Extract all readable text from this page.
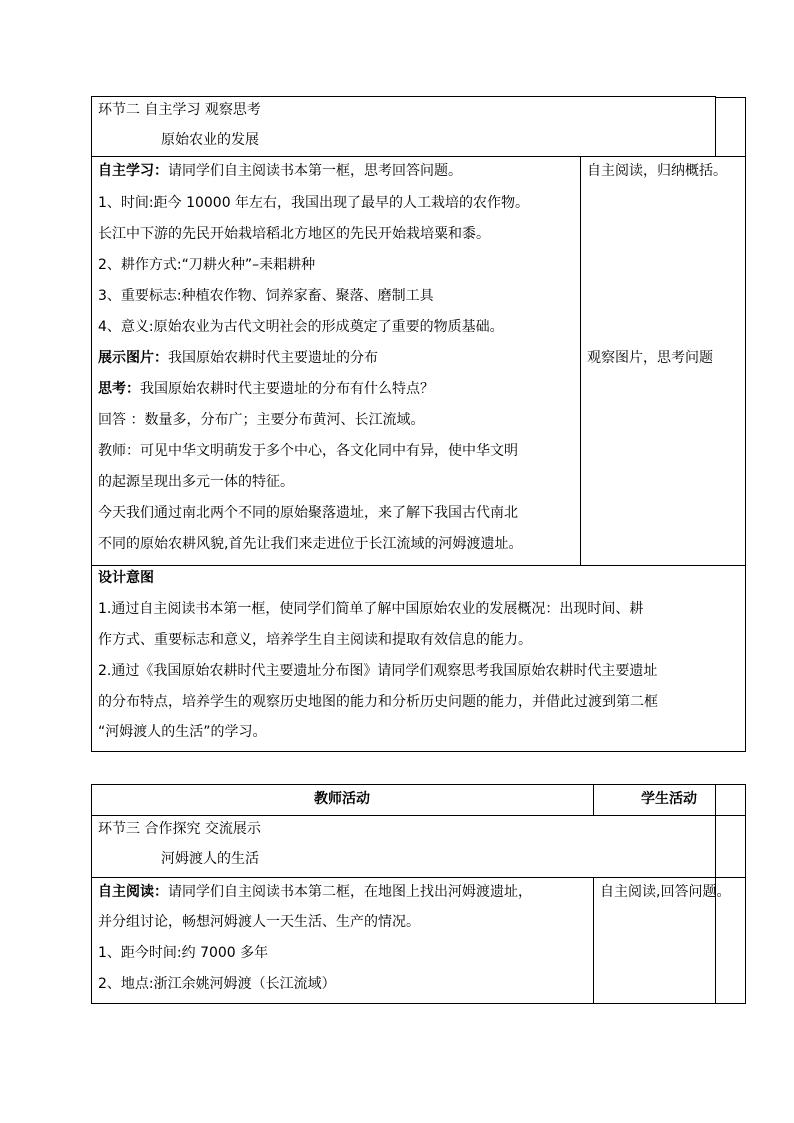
环节二 自主学习 观察思考
原始农业的发展
自主学习：请同学们自主阅读书本第一框，思考回答问题。
1、时间:距今 10000 年左右，我国出现了最早的人工栽培的农作物。
长江中下游的先民开始栽培稻北方地区的先民开始栽培粟和黍。
2、耕作方式:“刀耕火种”–耒耜耕种
3、重要标志:种植农作物、饲养家畜、聚落、磨制工具
4、意义:原始农业为古代文明社会的形成奠定了重要的物质基础。
展示图片：我国原始农耕时代主要遗址的分布
思考：我国原始农耕时代主要遗址的分布有什么特点？
回答 ：数量多，分布广；主要分布黄河、长江流域。
教师：可见中华文明萌发于多个中心，各文化同中有异，使中华文明
的起源呈现出多元一体的特征。
今天我们通过南北两个不同的原始聚落遗址，来了解下我国古代南北
不同的原始农耕风貌,首先让我们来走进位于长江流域的河姆渡遗址。
自主阅读，归纳概括。
观察图片，思考问题
设计意图
1.通过自主阅读书本第一框，使同学们简单了解中国原始农业的发展概况：出现时间、耕
作方式、重要标志和意义，培养学生自主阅读和提取有效信息的能力。
2.通过《我国原始农耕时代主要遗址分布图》请同学们观察思考我国原始农耕时代主要遗址
的分布特点，培养学生的观察历史地图的能力和分析历史问题的能力，并借此过渡到第二框
“河姆渡人的生活”的学习。
教师活动	学生活动
环节三 合作探究 交流展示
河姆渡人的生活
自主阅读：请同学们自主阅读书本第二框，在地图上找出河姆渡遗址，
并分组讨论，畅想河姆渡人一天生活、生产的情况。
1、距今时间:约 7000 多年
2、地点:浙江余姚河姆渡（长江流域）
自主阅读,回答问题。
